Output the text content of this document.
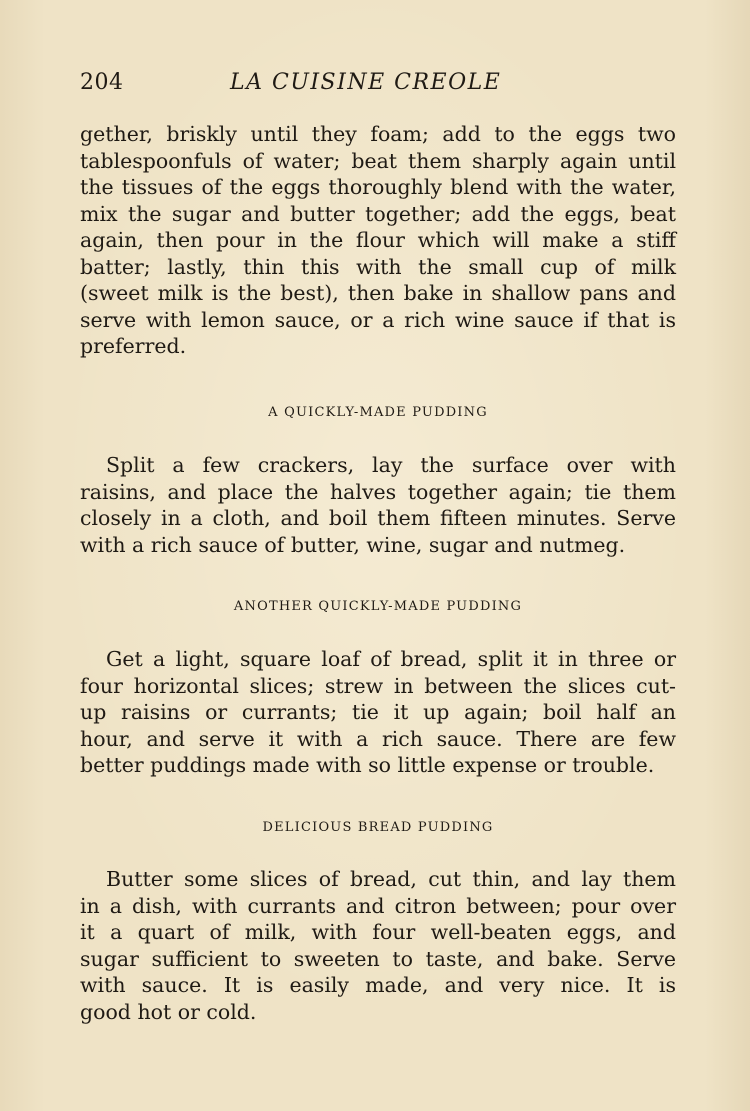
204	LA CUISINE CREOLE
gether, briskly until they foam; add to the eggs two
tablespoonfuls of water; beat them sharply again until
the tissues of the eggs thoroughly blend with the water,
mix the sugar and butter together; add the eggs, beat
again, then pour in the flour which will make a stiff
batter; lastly, thin this with the small cup of milk
(sweet milk is the best), then bake in shallow pans and
serve with lemon sauce, or a rich wine sauce if that is
preferred.
A QUICKLY-MADE PUDDING
Split a few crackers, lay the surface over with
raisins, and place the halves together again; tie them
closely in a cloth, and boil them fifteen minutes. Serve
with a rich sauce of butter, wine, sugar and nutmeg.
ANOTHER QUICKLY-MADE PUDDING
Get a light, square loaf of bread, split it in three or
four horizontal slices; strew in between the slices cut-
up raisins or currants; tie it up again; boil half an
hour, and serve it with a rich sauce. There are few
better puddings made with so little expense or trouble.
DELICIOUS BREAD PUDDING
Butter some slices of bread, cut thin, and lay them
in a dish, with currants and citron between; pour over
it a quart of milk, with four well-beaten eggs, and
sugar sufficient to sweeten to taste, and bake. Serve
with sauce. It is easily made, and very nice. It is
good hot or cold.
